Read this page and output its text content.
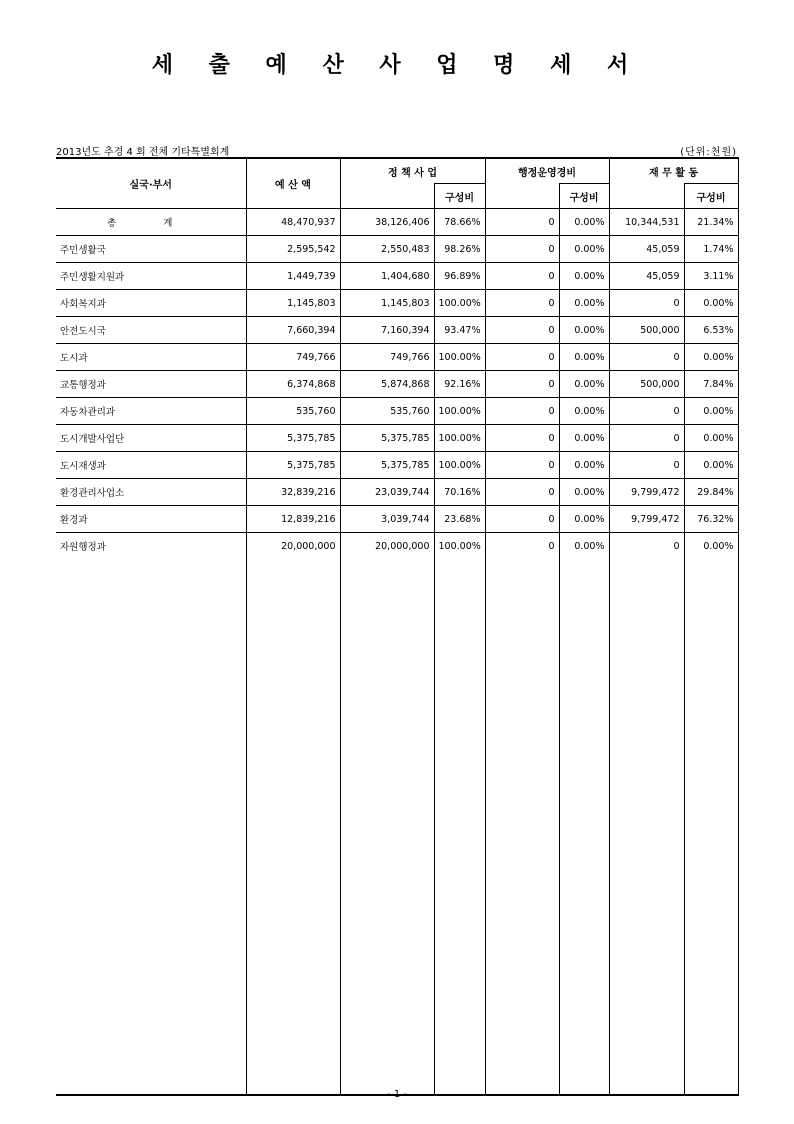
세 출 예 산 사 업 명 세 서
2013년도 추경 4 회 전체 기타특별회계	(단위:천원)
실국·부서	예 산 액	정 책 사 업		행정운영경비		재 무 활 동	
			구성비		구성비		구성비
총 계	48,470,937	38,126,406	78.66%	0	0.00%	10,344,531	21.34%
주민생활국	2,595,542	2,550,483	98.26%	0	0.00%	45,059	1.74%
주민생활지원과	1,449,739	1,404,680	96.89%	0	0.00%	45,059	3.11%
사회복지과	1,145,803	1,145,803	100.00%	0	0.00%	0	0.00%
안전도시국	7,660,394	7,160,394	93.47%	0	0.00%	500,000	6.53%
도시과	749,766	749,766	100.00%	0	0.00%	0	0.00%
교통행정과	6,374,868	5,874,868	92.16%	0	0.00%	500,000	7.84%
자동차관리과	535,760	535,760	100.00%	0	0.00%	0	0.00%
도시개발사업단	5,375,785	5,375,785	100.00%	0	0.00%	0	0.00%
도시재생과	5,375,785	5,375,785	100.00%	0	0.00%	0	0.00%
환경관리사업소	32,839,216	23,039,744	70.16%	0	0.00%	9,799,472	29.84%
환경과	12,839,216	3,039,744	23.68%	0	0.00%	9,799,472	76.32%
자원행정과	20,000,000	20,000,000	100.00%	0	0.00%	0	0.00%

- 1 -
